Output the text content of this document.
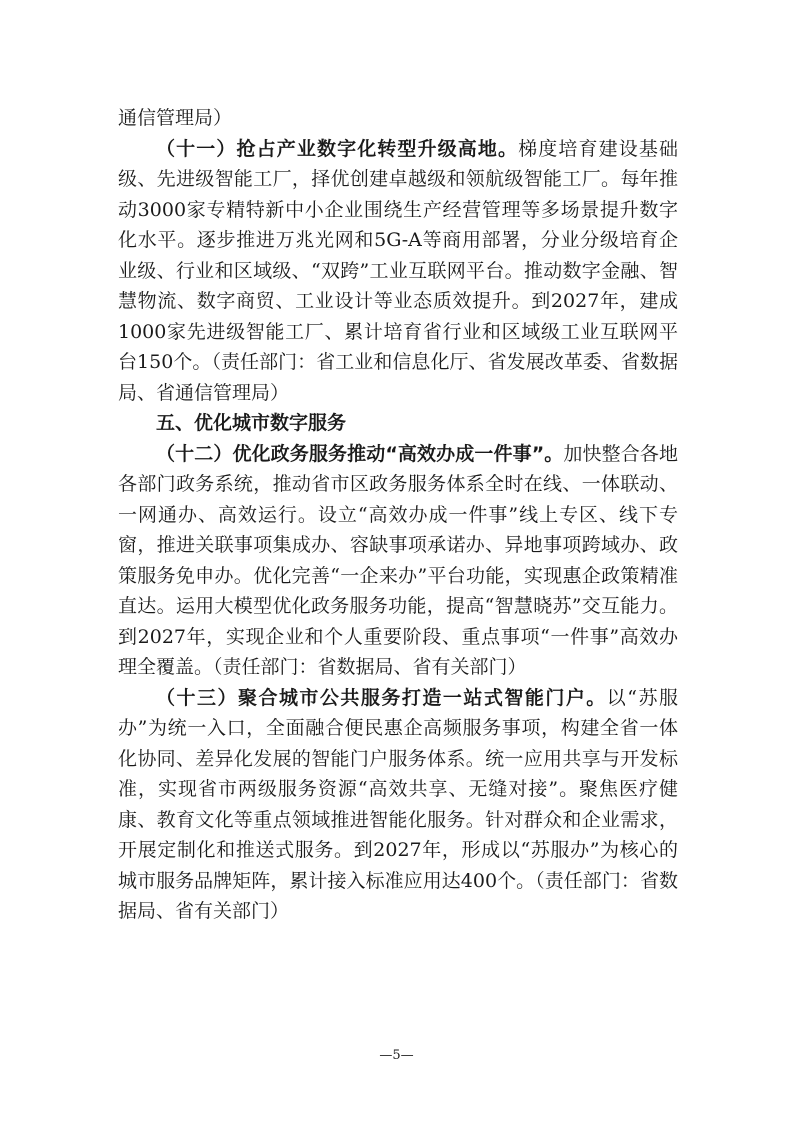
通信管理局）

（十一）抢占产业数字化转型升级高地。梯度培育建设基础级、先进级智能工厂，择优创建卓越级和领航级智能工厂。每年推动3000家专精特新中小企业围绕生产经营管理等多场景提升数字化水平。逐步推进万兆光网和5G-A等商用部署，分业分级培育企业级、行业和区域级、“双跨”工业互联网平台。推动数字金融、智慧物流、数字商贸、工业设计等业态质效提升。到2027年，建成1000家先进级智能工厂、累计培育省行业和区域级工业互联网平台150个。（责任部门：省工业和信息化厅、省发展改革委、省数据局、省通信管理局）

五、优化城市数字服务

（十二）优化政务服务推动“高效办成一件事”。加快整合各地各部门政务系统，推动省市区政务服务体系全时在线、一体联动、一网通办、高效运行。设立“高效办成一件事”线上专区、线下专窗，推进关联事项集成办、容缺事项承诺办、异地事项跨域办、政策服务免申办。优化完善“一企来办”平台功能，实现惠企政策精准直达。运用大模型优化政务服务功能，提高“智慧晓苏”交互能力。到2027年，实现企业和个人重要阶段、重点事项“一件事”高效办理全覆盖。（责任部门：省数据局、省有关部门）

（十三）聚合城市公共服务打造一站式智能门户。以“苏服办”为统一入口，全面融合便民惠企高频服务事项，构建全省一体化协同、差异化发展的智能门户服务体系。统一应用共享与开发标准，实现省市两级服务资源“高效共享、无缝对接”。聚焦医疗健康、教育文化等重点领域推进智能化服务。针对群众和企业需求，开展定制化和推送式服务。到2027年，形成以“苏服办”为核心的城市服务品牌矩阵，累计接入标准应用达400个。（责任部门：省数据局、省有关部门）

—5—
